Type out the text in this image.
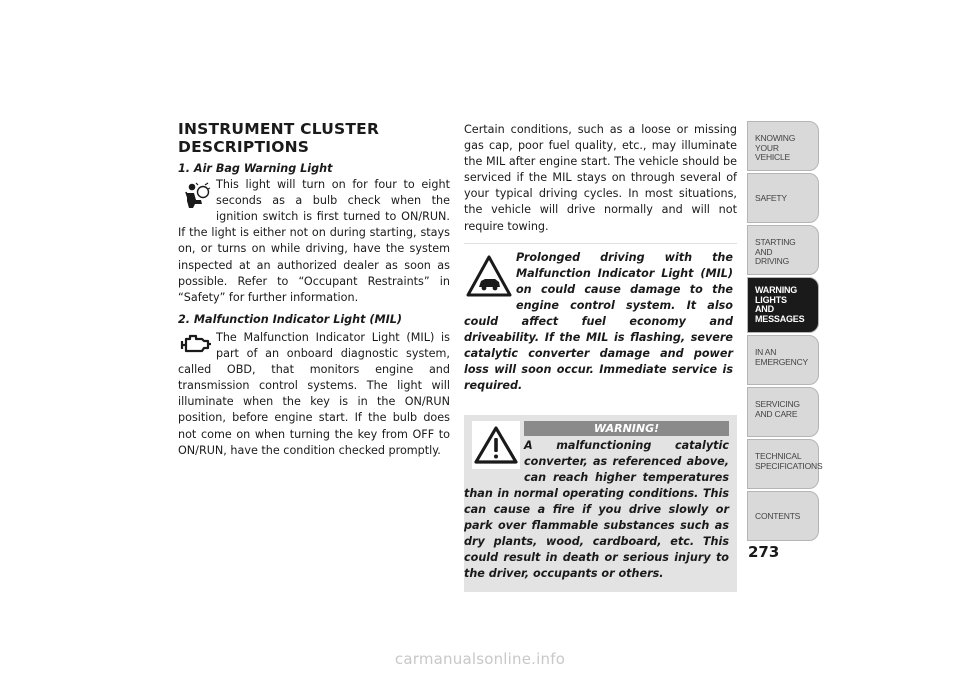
INSTRUMENT CLUSTER
DESCRIPTIONS
1. Air Bag Warning Light

This light will turn on for four to eight seconds as a bulb check when the ignition switch is first turned to ON/RUN. If the light is either not on during starting, stays on, or turns on while driving, have the system inspected at an authorized dealer as soon as possible. Refer to “Occupant Restraints” in “Safety” for further information.

2. Malfunction Indicator Light (MIL)

The Malfunction Indicator Light (MIL) is part of an onboard diagnostic system, called OBD, that monitors engine and transmission control systems. The light will illuminate when the key is in the ON/RUN position, before engine start. If the bulb does not come on when turning the key from OFF to ON/RUN, have the condition checked promptly.

Certain conditions, such as a loose or missing gas cap, poor fuel quality, etc., may illuminate the MIL after engine start. The vehicle should be serviced if the MIL stays on through several of your typical driving cycles. In most situations, the vehicle will drive normally and will not require towing.

Prolonged driving with the Malfunction Indicator Light (MIL) on could cause damage to the engine control system. It also could affect fuel economy and driveability. If the MIL is flashing, severe catalytic converter damage and power loss will soon occur. Immediate service is required.
WARNING!
A malfunctioning catalytic converter, as referenced above, can reach higher temperatures than in normal operating conditions. This can cause a fire if you drive slowly or park over flammable substances such as dry plants, wood, cardboard, etc. This could result in death or serious injury to the driver, occupants or others.
KNOWING
YOUR
VEHICLE
SAFETY
STARTING
AND
DRIVING
WARNING
LIGHTS
AND
MESSAGES
IN AN
EMERGENCY
SERVICING
AND CARE
TECHNICAL
SPECIFICATIONS
CONTENTS
273
carmanualsonline.info
